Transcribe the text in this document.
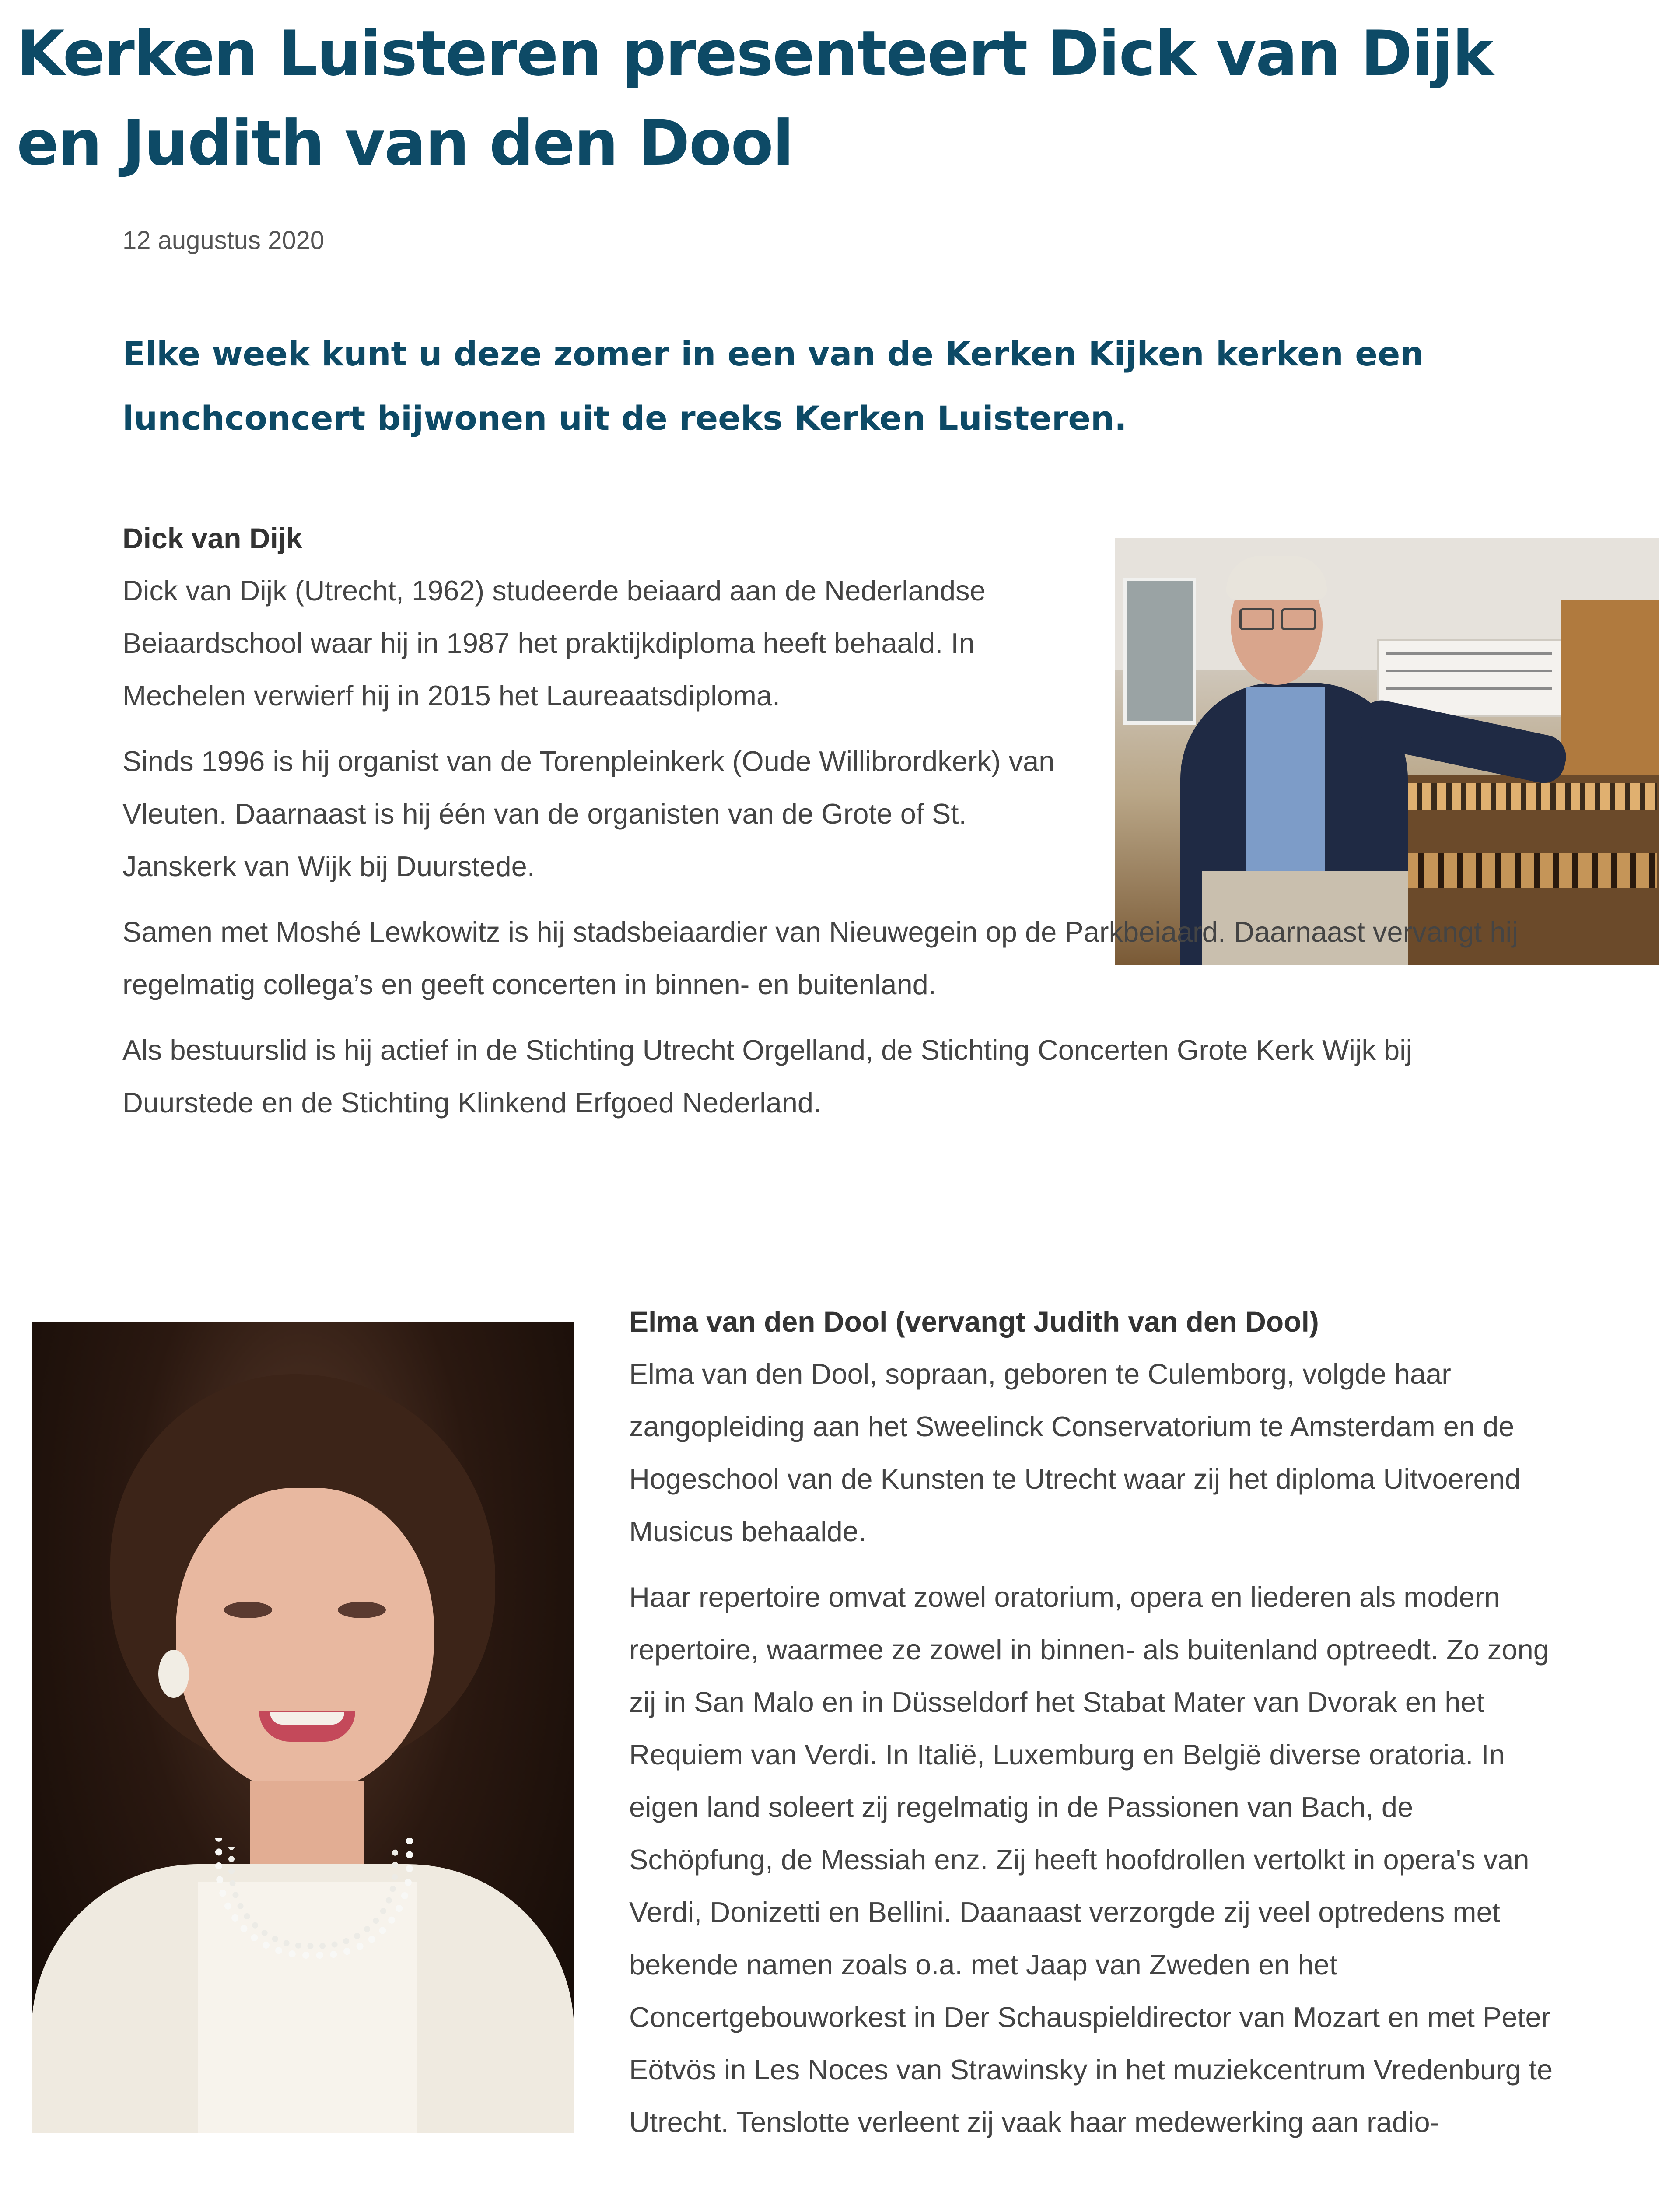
Kerken Luisteren presenteert Dick van Dijk en Judith van den Dool
12 augustus 2020

Elke week kunt u deze zomer in een van de Kerken Kijken kerken een lunchconcert bijwonen uit de reeks Kerken Luisteren.

Dick van Dijk

Dick van Dijk (Utrecht, 1962) studeerde beiaard aan de Nederlandse Beiaardschool waar hij in 1987 het praktijkdiploma heeft behaald. In Mechelen verwierf hij in 2015 het Laureaatsdiploma.

Sinds 1996 is hij organist van de Torenpleinkerk (Oude Willibrordkerk) van Vleuten. Daarnaast is hij één van de organisten van de Grote of St. Janskerk van Wijk bij Duurstede.

Samen met Moshé Lewkowitz is hij stadsbeiaardier van Nieuwegein op de Parkbeiaard. Daarnaast vervangt hij regelmatig collega’s en geeft concerten in binnen- en buitenland.

Als bestuurslid is hij actief in de Stichting Utrecht Orgelland, de Stichting Concerten Grote Kerk Wijk bij Duurstede en de Stichting Klinkend Erfgoed Nederland.

Elma van den Dool (vervangt Judith van den Dool)

Elma van den Dool, sopraan, geboren te Culemborg, volgde haar zangopleiding aan het Sweelinck Conservatorium te Amsterdam en de Hogeschool van de Kunsten te Utrecht waar zij het diploma Uitvoerend Musicus behaalde.

Haar repertoire omvat zowel oratorium, opera en liederen als modern repertoire, waarmee ze zowel in binnen- als buitenland optreedt. Zo zong zij in San Malo en in Düsseldorf het Stabat Mater van Dvorak en het Requiem van Verdi. In Italië, Luxemburg en België diverse oratoria. In eigen land soleert zij regelmatig in de Passionen van Bach, de Schöpfung, de Messiah enz. Zij heeft hoofdrollen vertolkt in opera's van Verdi, Donizetti en Bellini. Daanaast verzorgde zij veel optredens met bekende namen zoals o.a. met Jaap van Zweden en het Concertgebouworkest in Der Schauspieldirector van Mozart en met Peter Eötvös in Les Noces van Strawinsky in het muziekcentrum Vredenburg te Utrecht. Tenslotte verleent zij vaak haar medewerking aan radio-
